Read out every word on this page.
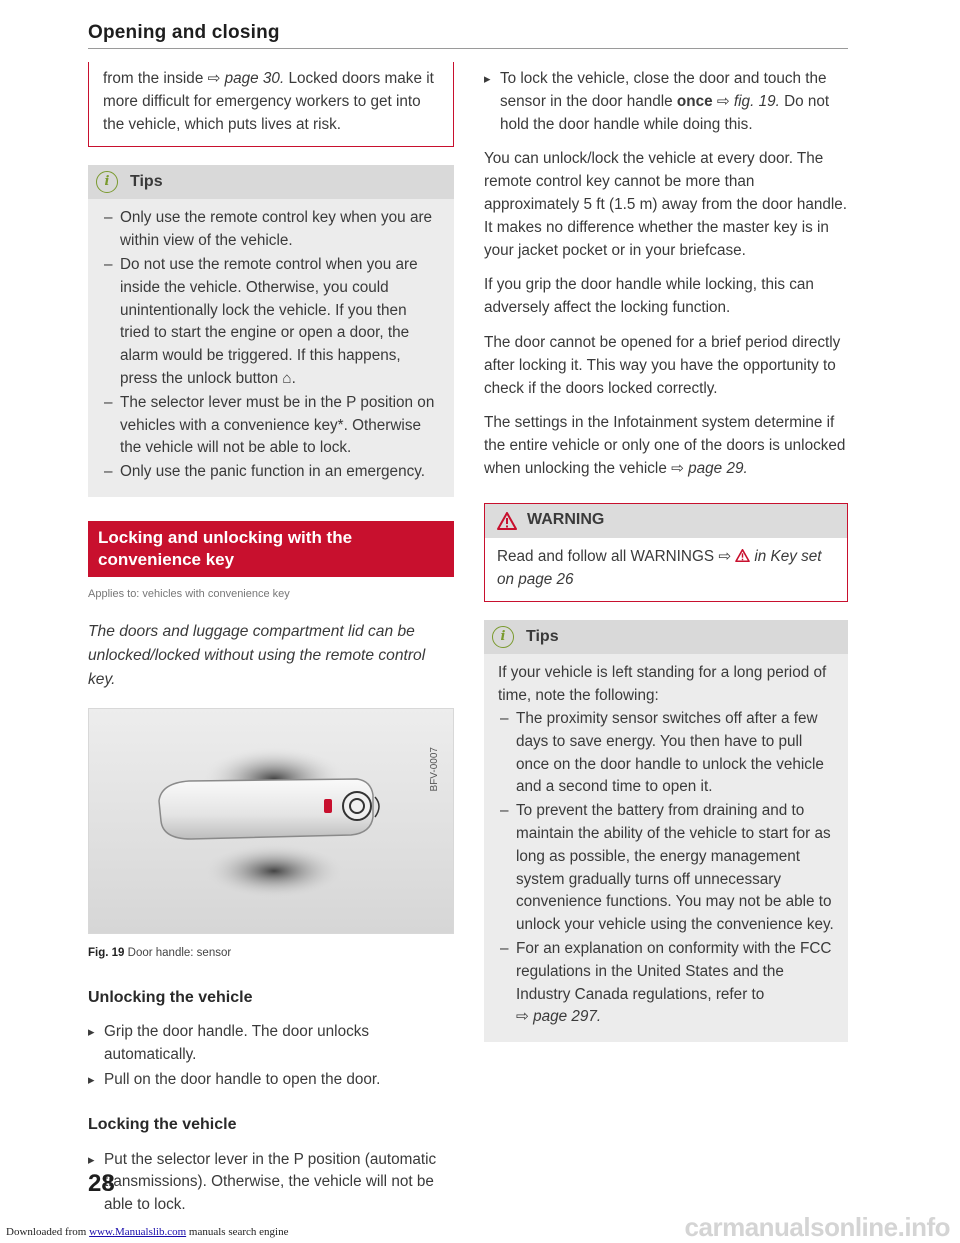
Opening and closing

from the inside ⇨ page 30. Locked doors make it more difficult for emergency workers to get into the vehicle, which puts lives at risk.

i	Tips
– Only use the remote control key when you are within view of the vehicle.
– Do not use the remote control when you are inside the vehicle. Otherwise, you could unintentionally lock the vehicle. If you then tried to start the engine or open a door, the alarm would be triggered. If this happens, press the unlock button ⌂.
– The selector lever must be in the P position on vehicles with a convenience key*. Otherwise the vehicle will not be able to lock.
– Only use the panic function in an emergency.
Locking and unlocking with the convenience key

Applies to: vehicles with convenience key

The doors and luggage compartment lid can be unlocked/locked without using the remote control key.

BFV-0007

Fig. 19 Door handle: sensor

Unlocking the vehicle

▸ Grip the door handle. The door unlocks automatically.
▸ Pull on the door handle to open the door.

Locking the vehicle

▸ Put the selector lever in the P position (automatic transmissions). Otherwise, the vehicle will not be able to lock.
▸ To lock the vehicle, close the door and touch the sensor in the door handle once ⇨ fig. 19. Do not hold the door handle while doing this.

You can unlock/lock the vehicle at every door. The remote control key cannot be more than approximately 5 ft (1.5 m) away from the door handle. It makes no difference whether the master key is in your jacket pocket or in your briefcase.

If you grip the door handle while locking, this can adversely affect the locking function.

The door cannot be opened for a brief period directly after locking it. This way you have the opportunity to check if the doors locked correctly.

The settings in the Infotainment system determine if the entire vehicle or only one of the doors is unlocked when unlocking the vehicle ⇨ page 29.

WARNING
Read and follow all WARNINGS ⇨ in Key set on page 26
i	Tips

If your vehicle is left standing for a long period of time, note the following:

– The proximity sensor switches off after a few days to save energy. You then have to pull once on the door handle to unlock the vehicle and a second time to open it.
– To prevent the battery from draining and to maintain the ability of the vehicle to start for as long as possible, the energy management system gradually turns off unnecessary convenience functions. You may not be able to unlock your vehicle using the convenience key.
– For an explanation on conformity with the FCC regulations in the United States and the Industry Canada regulations, refer to
⇨ page 297.
28
Downloaded from www.Manualslib.com manuals search engine	carmanualsonline.info
